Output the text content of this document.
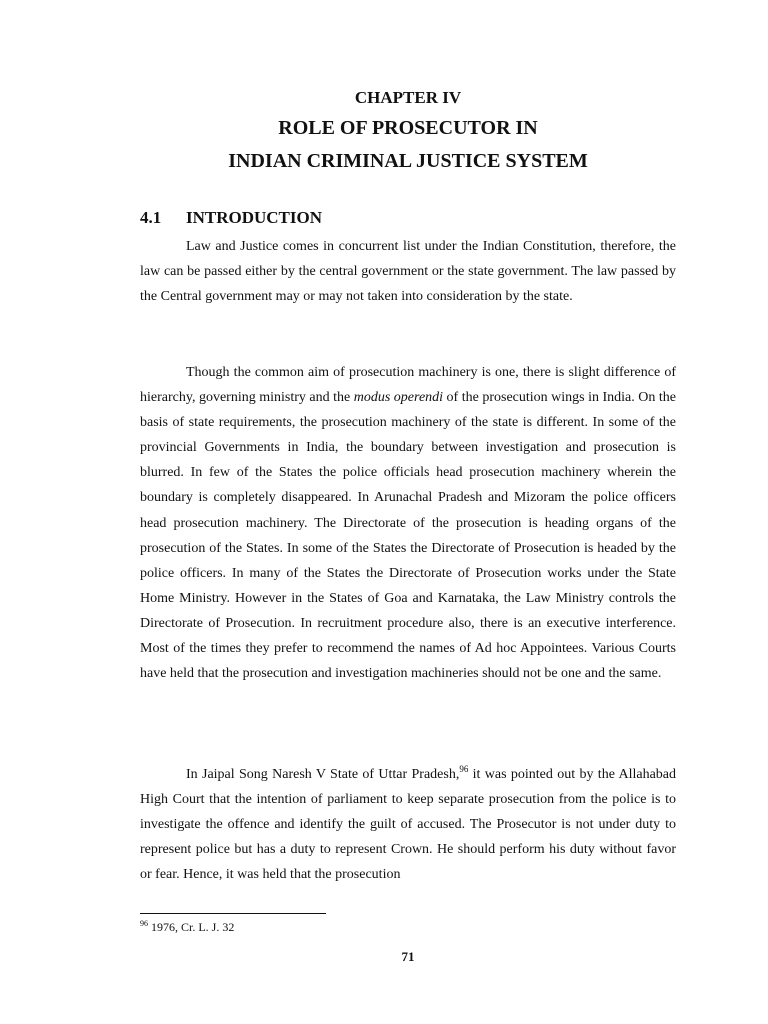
CHAPTER IV
ROLE OF PROSECUTOR IN
INDIAN CRIMINAL JUSTICE SYSTEM
4.1 INTRODUCTION

Law and Justice comes in concurrent list under the Indian Constitution, therefore, the law can be passed either by the central government or the state government. The law passed by the Central government may or may not taken into consideration by the state.

Though the common aim of prosecution machinery is one, there is slight difference of hierarchy, governing ministry and the modus operendi of the prosecution wings in India. On the basis of state requirements, the prosecution machinery of the state is different. In some of the provincial Governments in India, the boundary between investigation and prosecution is blurred. In few of the States the police officials head prosecution machinery wherein the boundary is completely disappeared. In Arunachal Pradesh and Mizoram the police officers head prosecution machinery. The Directorate of the prosecution is heading organs of the prosecution of the States. In some of the States the Directorate of Prosecution is headed by the police officers. In many of the States the Directorate of Prosecution works under the State Home Ministry. However in the States of Goa and Karnataka, the Law Ministry controls the Directorate of Prosecution. In recruitment procedure also, there is an executive interference. Most of the times they prefer to recommend the names of Ad hoc Appointees. Various Courts have held that the prosecution and investigation machineries should not be one and the same.

In Jaipal Song Naresh V State of Uttar Pradesh,$^{96}$ it was pointed out by the Allahabad High Court that the intention of parliament to keep separate prosecution from the police is to investigate the offence and identify the guilt of accused. The Prosecutor is not under duty to represent police but has a duty to represent Crown. He should perform his duty without favor or fear. Hence, it was held that the prosecution

$^{96}$ 1976, Cr. L. J. 32
71
